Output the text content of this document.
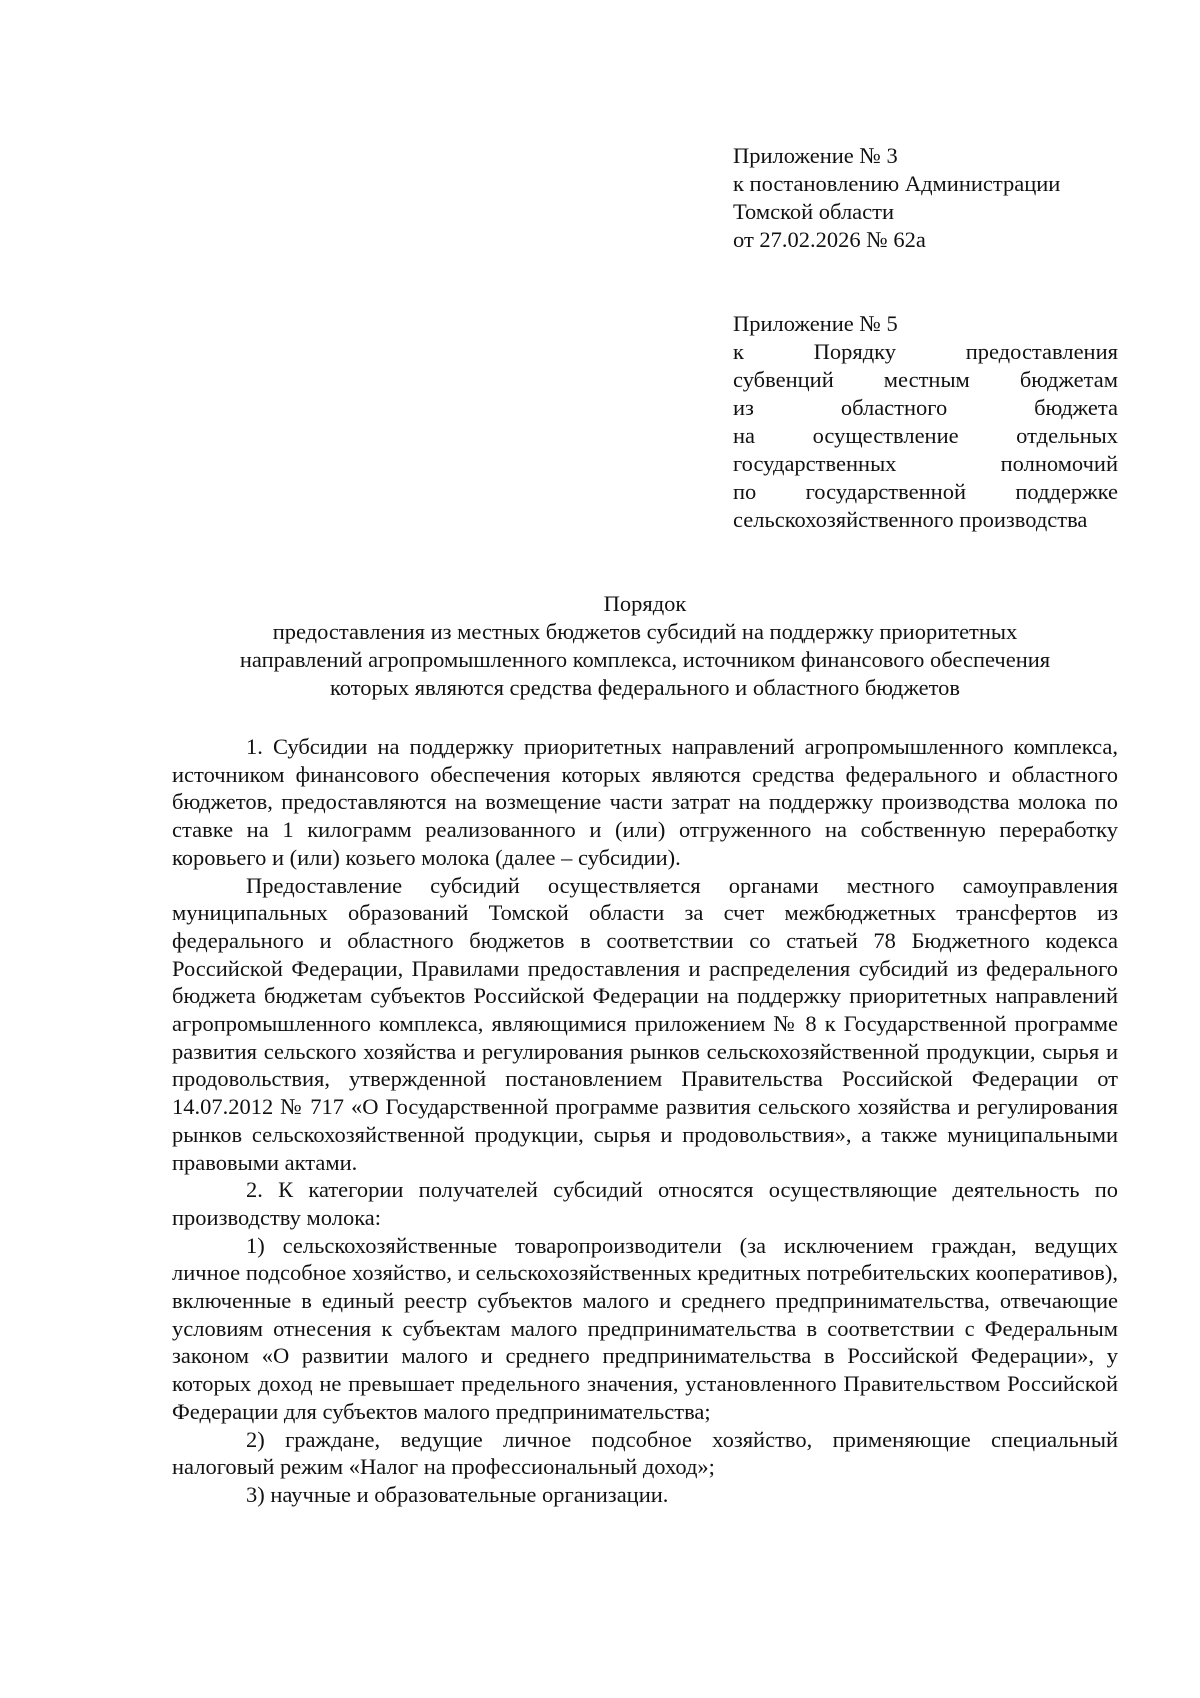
Приложение № 3
к постановлению Администрации
Томской области
от 27.02.2026 № 62а
Приложение № 5
к Порядку предоставления
субвенций местным бюджетам
из областного бюджета
на осуществление отдельных
государственных полномочий
по государственной поддержке
сельскохозяйственного производства
Порядок
предоставления из местных бюджетов субсидий на поддержку приоритетных
направлений агропромышленного комплекса, источником финансового обеспечения
которых являются средства федерального и областного бюджетов

1. Субсидии на поддержку приоритетных направлений агропромышленного комплекса, источником финансового обеспечения которых являются средства федерального и областного бюджетов, предоставляются на возмещение части затрат на поддержку производства молока по ставке на 1 килограмм реализованного и (или) отгруженного на собственную переработку коровьего и (или) козьего молока (далее – субсидии).

Предоставление субсидий осуществляется органами местного самоуправления муниципальных образований Томской области за счет межбюджетных трансфертов из федерального и областного бюджетов в соответствии со статьей 78 Бюджетного кодекса Российской Федерации, Правилами предоставления и распределения субсидий из федерального бюджета бюджетам субъектов Российской Федерации на поддержку приоритетных направлений агропромышленного комплекса, являющимися приложением № 8 к Государственной программе развития сельского хозяйства и регулирования рынков сельскохозяйственной продукции, сырья и продовольствия, утвержденной постановлением Правительства Российской Федерации от 14.07.2012 № 717 «О Государственной программе развития сельского хозяйства и регулирования рынков сельскохозяйственной продукции, сырья и продовольствия», а также муниципальными правовыми актами.

2. К категории получателей субсидий относятся осуществляющие деятельность по производству молока:

1) сельскохозяйственные товаропроизводители (за исключением граждан, ведущих личное подсобное хозяйство, и сельскохозяйственных кредитных потребительских кооперативов), включенные в единый реестр субъектов малого и среднего предпринимательства, отвечающие условиям отнесения к субъектам малого предпринимательства в соответствии с Федеральным законом «О развитии малого и среднего предпринимательства в Российской Федерации», у которых доход не превышает предельного значения, установленного Правительством Российской Федерации для субъектов малого предпринимательства;

2) граждане, ведущие личное подсобное хозяйство, применяющие специальный налоговый режим «Налог на профессиональный доход»;

3) научные и образовательные организации.
